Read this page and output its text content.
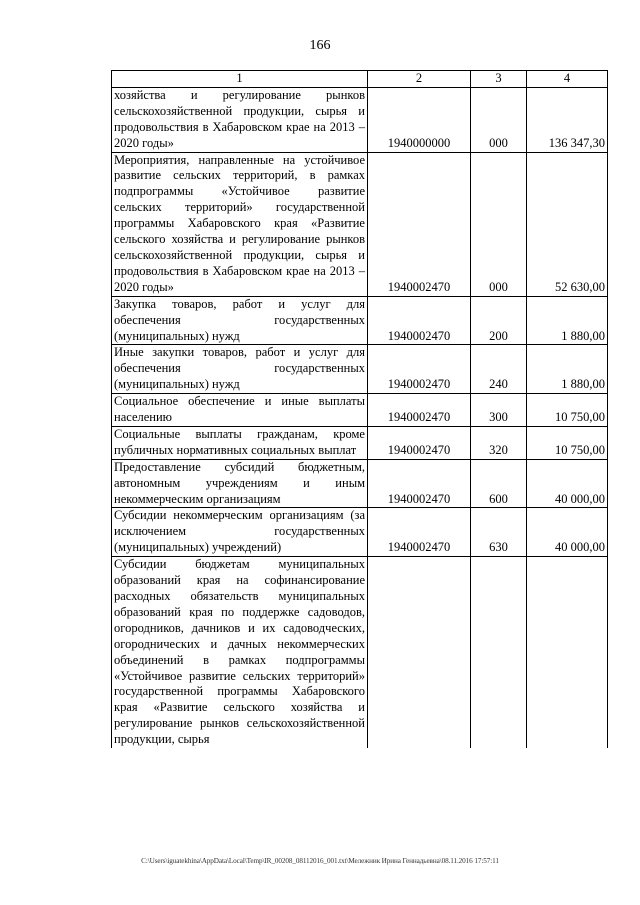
166
1	2	3	4
хозяйства и регулирование рынков сельскохозяйственной продукции, сырья и продовольствия в Хабаровском крае на 2013 – 2020 годы»	1940000000	000	136 347,30
Мероприятия, направленные на устойчивое развитие сельских территорий, в рамках подпрограммы «Устойчивое развитие сельских территорий» государственной программы Хабаровского края «Развитие сельского хозяйства и регулирование рынков сельскохозяйственной продукции, сырья и продовольствия в Хабаровском крае на 2013 – 2020 годы»	1940002470	000	52 630,00
Закупка товаров, работ и услуг для обеспечения государственных (муниципальных) нужд	1940002470	200	1 880,00
Иные закупки товаров, работ и услуг для обеспечения государственных (муниципальных) нужд	1940002470	240	1 880,00
Социальное обеспечение и иные выплаты населению	1940002470	300	10 750,00
Социальные выплаты гражданам, кроме публичных нормативных социальных выплат	1940002470	320	10 750,00
Предоставление субсидий бюджетным, автономным учреждениям и иным некоммерческим организациям	1940002470	600	40 000,00
Субсидии некоммерческим организациям (за исключением государственных (муниципальных) учреждений)	1940002470	630	40 000,00
Субсидии бюджетам муниципальных образований края на софинансирование расходных обязательств муниципальных образований края по поддержке садоводов, огородников, дачников и их садоводческих, огороднических и дачных некоммерческих объединений в рамках подпрограммы «Устойчивое развитие сельских территорий» государственной программы Хабаровского края «Развитие сельского хозяйства и регулирование рынков сельскохозяйственной продукции, сырья			
C:\Users\iguatekhina\AppData\Local\Temp\IR_00208_08112016_001.txt\Мележник Ирина Геннадьевна\08.11.2016 17:57:11
